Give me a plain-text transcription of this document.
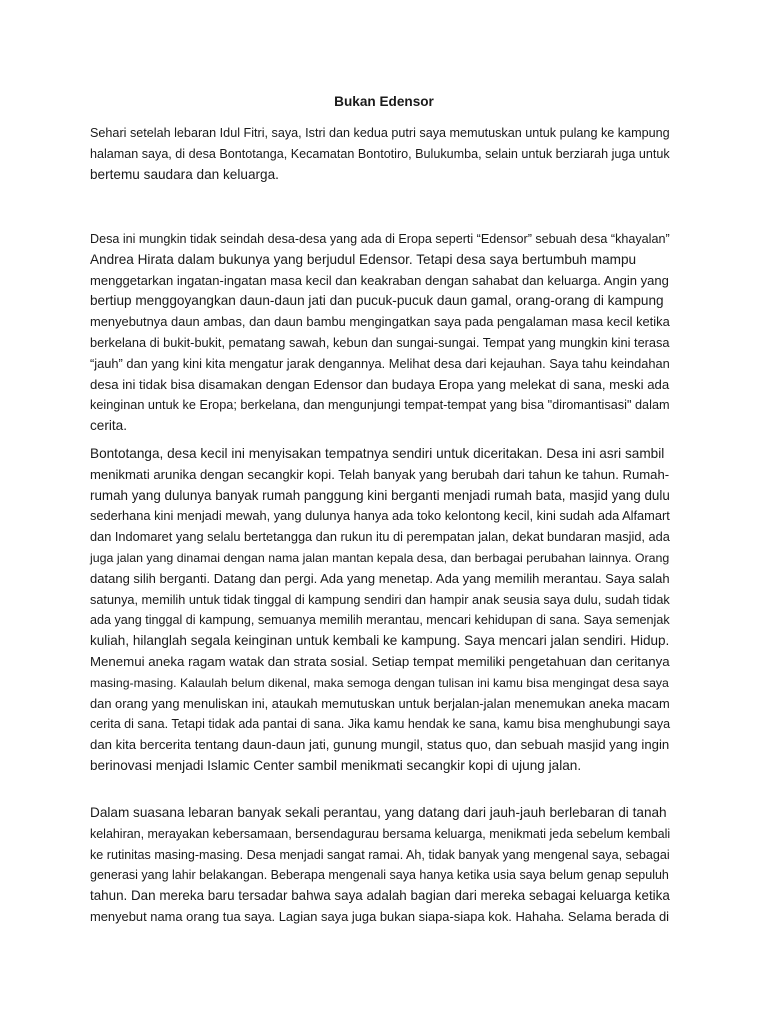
Bukan Edensor

Sehari setelah lebaran Idul Fitri, saya, Istri dan kedua putri saya memutuskan untuk pulang ke kampung
halaman saya, di desa Bontotanga, Kecamatan Bontotiro, Bulukumba, selain untuk berziarah juga untuk
bertemu saudara dan keluarga.

Desa ini mungkin tidak seindah desa-desa yang ada di Eropa seperti “Edensor” sebuah desa “khayalan”
Andrea Hirata dalam bukunya yang berjudul Edensor. Tetapi desa saya bertumbuh mampu
menggetarkan ingatan-ingatan masa kecil dan keakraban dengan sahabat dan keluarga. Angin yang
bertiup menggoyangkan daun-daun jati dan pucuk-pucuk daun gamal, orang-orang di kampung
menyebutnya daun ambas, dan daun bambu mengingatkan saya pada pengalaman masa kecil ketika
berkelana di bukit-bukit, pematang sawah, kebun dan sungai-sungai. Tempat yang mungkin kini terasa
“jauh” dan yang kini kita mengatur jarak dengannya. Melihat desa dari kejauhan. Saya tahu keindahan
desa ini tidak bisa disamakan dengan Edensor dan budaya Eropa yang melekat di sana, meski ada
keinginan untuk ke Eropa; berkelana, dan mengunjungi tempat-tempat yang bisa "diromantisasi" dalam
cerita.

Bontotanga, desa kecil ini menyisakan tempatnya sendiri untuk diceritakan. Desa ini asri sambil
menikmati arunika dengan secangkir kopi. Telah banyak yang berubah dari tahun ke tahun. Rumah-
rumah yang dulunya banyak rumah panggung kini berganti menjadi rumah bata, masjid yang dulu
sederhana kini menjadi mewah, yang dulunya hanya ada toko kelontong kecil, kini sudah ada Alfamart
dan Indomaret yang selalu bertetangga dan rukun itu di perempatan jalan, dekat bundaran masjid, ada
juga jalan yang dinamai dengan nama jalan mantan kepala desa, dan berbagai perubahan lainnya. Orang
datang silih berganti. Datang dan pergi. Ada yang menetap. Ada yang memilih merantau. Saya salah
satunya, memilih untuk tidak tinggal di kampung sendiri dan hampir anak seusia saya dulu, sudah tidak
ada yang tinggal di kampung, semuanya memilih merantau, mencari kehidupan di sana. Saya semenjak
kuliah, hilanglah segala keinginan untuk kembali ke kampung. Saya mencari jalan sendiri. Hidup.
Menemui aneka ragam watak dan strata sosial. Setiap tempat memiliki pengetahuan dan ceritanya
masing-masing. Kalaulah belum dikenal, maka semoga dengan tulisan ini kamu bisa mengingat desa saya
dan orang yang menuliskan ini, ataukah memutuskan untuk berjalan-jalan menemukan aneka macam
cerita di sana. Tetapi tidak ada pantai di sana. Jika kamu hendak ke sana, kamu bisa menghubungi saya
dan kita bercerita tentang daun-daun jati, gunung mungil, status quo, dan sebuah masjid yang ingin
berinovasi menjadi Islamic Center sambil menikmati secangkir kopi di ujung jalan.

Dalam suasana lebaran banyak sekali perantau, yang datang dari jauh-jauh berlebaran di tanah
kelahiran, merayakan kebersamaan, bersendagurau bersama keluarga, menikmati jeda sebelum kembali
ke rutinitas masing-masing. Desa menjadi sangat ramai. Ah, tidak banyak yang mengenal saya, sebagai
generasi yang lahir belakangan. Beberapa mengenali saya hanya ketika usia saya belum genap sepuluh
tahun. Dan mereka baru tersadar bahwa saya adalah bagian dari mereka sebagai keluarga ketika
menyebut nama orang tua saya. Lagian saya juga bukan siapa-siapa kok. Hahaha. Selama berada di
